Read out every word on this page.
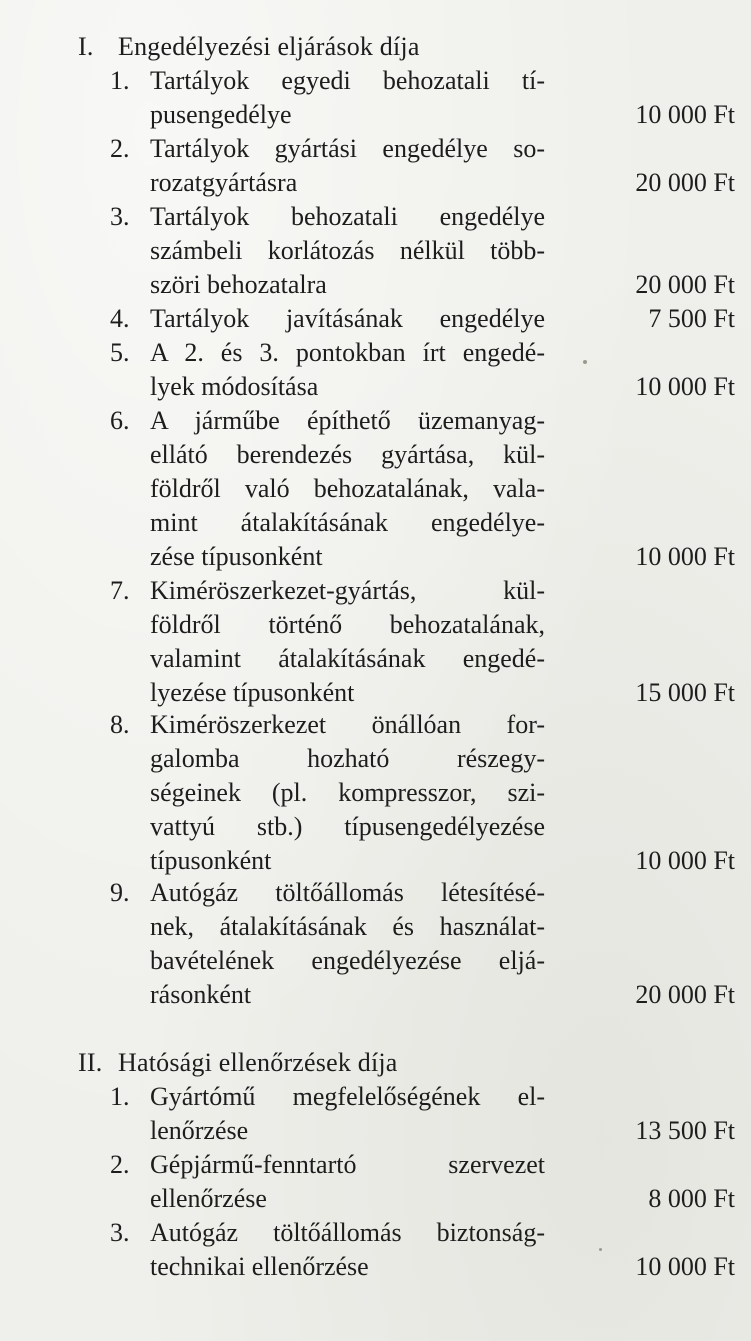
I. Engedélyezési eljárások díja
1. Tartályok egyedi behozatali tí-
pusengedélye	10 000 Ft
2. Tartályok gyártási engedélye so-
rozatgyártásra	20 000 Ft
3. Tartályok behozatali engedélye
számbeli korlátozás nélkül több-
szöri behozatalra	20 000 Ft
4. Tartályok javításának engedélye	7 500 Ft
5. A 2. és 3. pontokban írt engedé-
lyek módosítása	10 000 Ft
6. A járműbe építhető üzemanyag-
ellátó berendezés gyártása, kül-
földről való behozatalának, vala-
mint átalakításának engedélye-
zése típusonként	10 000 Ft
7. Kiméröszerkezet-gyártás, kül-
földről történő behozatalának,
valamint átalakításának engedé-
lyezése típusonként	15 000 Ft
8. Kiméröszerkezet önállóan for-
galomba hozható részegy-
ségeinek (pl. kompresszor, szi-
vattyú stb.) típusengedélyezése
típusonként	10 000 Ft
9. Autógáz töltőállomás létesítésé-
nek, átalakításának és használat-
bavételének engedélyezése eljá-
rásonként	20 000 Ft
II. Hatósági ellenőrzések díja
1. Gyártómű megfelelőségének el-
lenőrzése	13 500 Ft
2. Gépjármű-fenntartó szervezet
ellenőrzése	8 000 Ft
3. Autógáz töltőállomás biztonság-
technikai ellenőrzése	10 000 Ft
